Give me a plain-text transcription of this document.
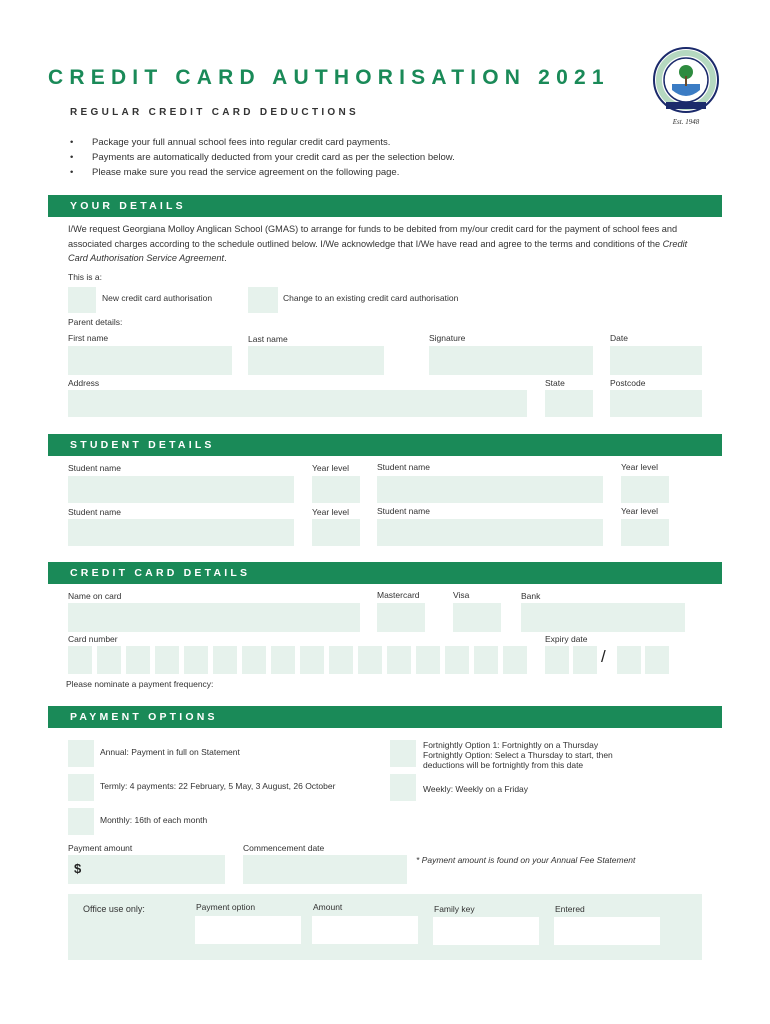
CREDIT CARD AUTHORISATION 2021
REGULAR CREDIT CARD DEDUCTIONS
Est. 1948
• Package your full annual school fees into regular credit card payments.
• Payments are automatically deducted from your credit card as per the selection below.
• Please make sure you read the service agreement on the following page.
YOUR DETAILS
I/We request Georgiana Molloy Anglican School (GMAS) to arrange for funds to be debited from my/our credit card for the payment of school fees and associated charges according to the schedule outlined below. I/We acknowledge that I/We have read and agree to the terms and conditions of the Credit Card Authorisation Service Agreement.
This is a:
New credit card authorisation	Change to an existing credit card authorisation
Parent details:
First name	Last name	Signature	Date
Address	State	Postcode
STUDENT DETAILS
Student name	Year level	Student name	Year level
Student name	Year level	Student name	Year level
CREDIT CARD DETAILS
Name on card	Mastercard	Visa	Bank
Card number	Expiry date
/
Please nominate a payment frequency:
PAYMENT OPTIONS
Annual: Payment in full on Statement
Termly: 4 payments: 22 February, 5 May, 3 August, 26 October
Monthly: 16th of each month
Fortnightly Option 1: Fortnightly on a Thursday
Fortnightly Option: Select a Thursday to start, then
deductions will be fortnightly from this date
Weekly: Weekly on a Friday
Payment amount	Commencement date
$
* Payment amount is found on your Annual Fee Statement
Office use only:	Payment option	Amount	Family key	Entered
